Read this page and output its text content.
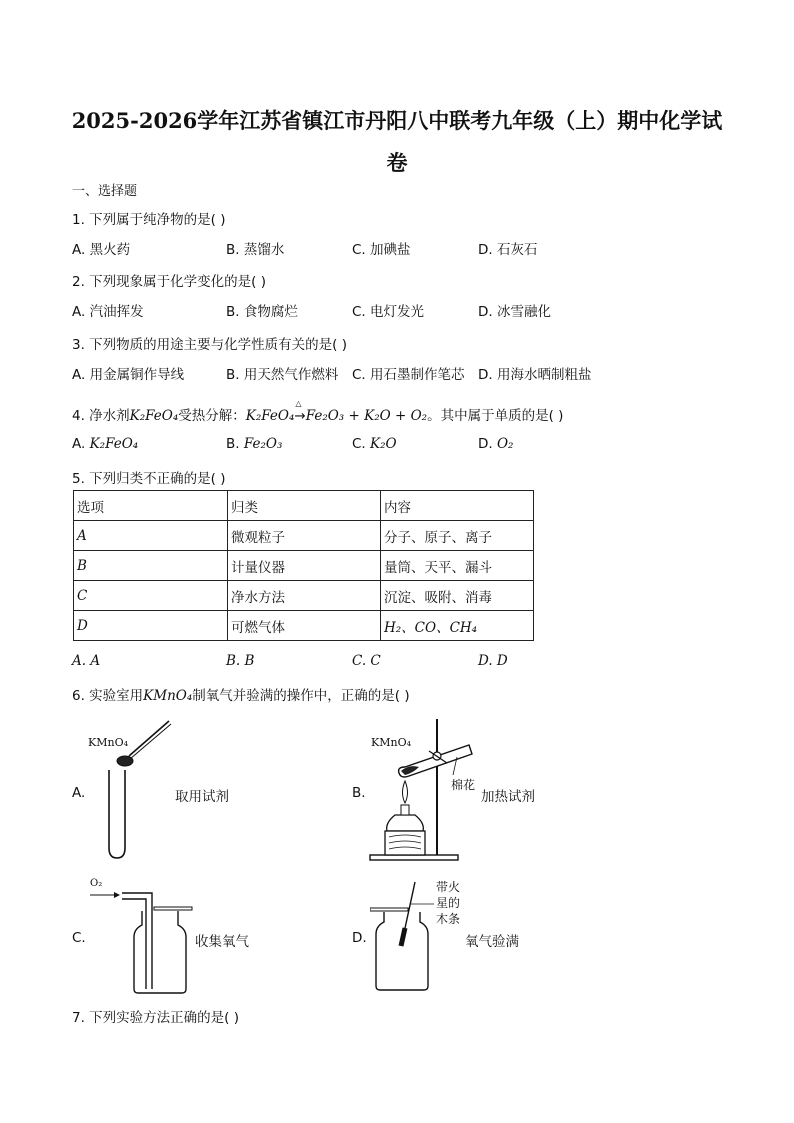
2025-2026学年江苏省镇江市丹阳八中联考九年级（上）期中化学试
卷
一、选择题
1. 下列属于纯净物的是( )
A. 黑火药	B. 蒸馏水	C. 加碘盐	D. 石灰石
2. 下列现象属于化学变化的是( )
A. 汽油挥发	B. 食物腐烂	C. 电灯发光	D. 冰雪融化
3. 下列物质的用途主要与化学性质有关的是( )
A. 用金属铜作导线	B. 用天然气作燃料 C. 用石墨制作笔芯 D. 用海水晒制粗盐
4. 净水剂K₂FeO₄受热分解：K₂FeO₄
△
→Fe₂O₃ + K₂O + O₂。其中属于单质的是( )
A. K₂FeO₄	B. Fe₂O₃	C. K₂O	D. O₂
5. 下列归类不正确的是( )
选项	归类	内容
A	微观粒子	分子、原子、离子
B	计量仪器	量筒、天平、漏斗
C	净水方法	沉淀、吸附、消毒
D	可燃气体	H₂、CO、CH₄
A. A	B. B	C. C	D. D
6. 实验室用KMnO₄制氧气并验满的操作中，正确的是( )
A.	取用试剂
KMnO₄
B.	加热试剂
KMnO₄
棉花
C.	收集氧气
O₂
D.	氧气验满
带火
星的
木条
7. 下列实验方法正确的是( )
